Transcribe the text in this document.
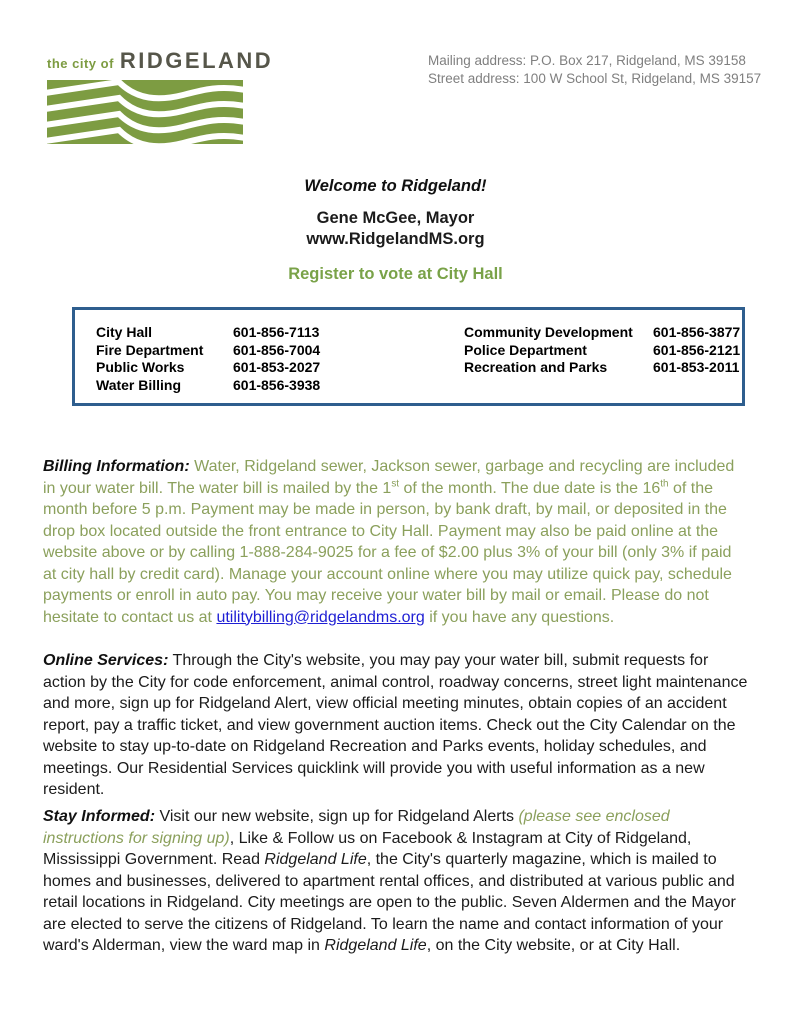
the city of RIDGELAND	Mailing address: P.O. Box 217, Ridgeland, MS 39158
Street address: 100 W School St, Ridgeland, MS 39157
Welcome to Ridgeland!
Gene McGee, Mayor
www.RidgelandMS.org
Register to vote at City Hall
City Hall	601-856-7113	Community Development	601-856-3877
Fire Department	601-856-7004	Police Department	601-856-2121
Public Works	601-853-2027	Recreation and Parks	601-853-2011
Water Billing	601-856-3938

Billing Information: Water, Ridgeland sewer, Jackson sewer, garbage and recycling are included in your water bill. The water bill is mailed by the 1st of the month. The due date is the 16th of the month before 5 p.m. Payment may be made in person, by bank draft, by mail, or deposited in the drop box located outside the front entrance to City Hall. Payment may also be paid online at the website above or by calling 1-888-284-9025 for a fee of $2.00 plus 3% of your bill (only 3% if paid at city hall by credit card). Manage your account online where you may utilize quick pay, schedule payments or enroll in auto pay. You may receive your water bill by mail or email. Please do not hesitate to contact us at utilitybilling@ridgelandms.org if you have any questions.

Online Services: Through the City's website, you may pay your water bill, submit requests for action by the City for code enforcement, animal control, roadway concerns, street light maintenance and more, sign up for Ridgeland Alert, view official meeting minutes, obtain copies of an accident report, pay a traffic ticket, and view government auction items. Check out the City Calendar on the website to stay up-to-date on Ridgeland Recreation and Parks events, holiday schedules, and meetings. Our Residential Services quicklink will provide you with useful information as a new resident.

Stay Informed: Visit our new website, sign up for Ridgeland Alerts (please see enclosed instructions for signing up), Like & Follow us on Facebook & Instagram at City of Ridgeland, Mississippi Government. Read Ridgeland Life, the City's quarterly magazine, which is mailed to homes and businesses, delivered to apartment rental offices, and distributed at various public and retail locations in Ridgeland. City meetings are open to the public. Seven Aldermen and the Mayor are elected to serve the citizens of Ridgeland. To learn the name and contact information of your ward's Alderman, view the ward map in Ridgeland Life, on the City website, or at City Hall.
